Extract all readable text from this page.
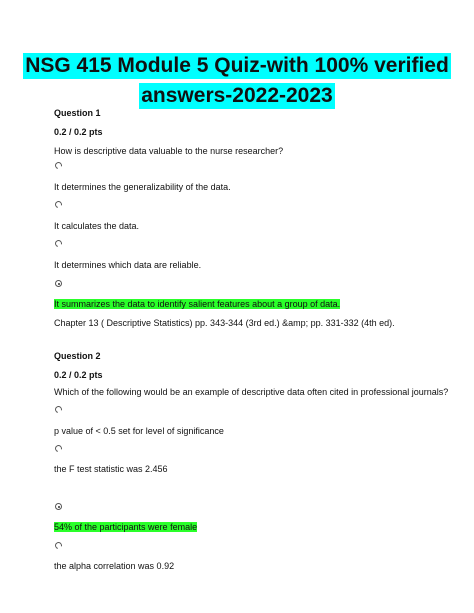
NSG 415 Module 5 Quiz-with 100% verified
answers-2022-2023
Question 1
0.2 / 0.2 pts
How is descriptive data valuable to the nurse researcher?
It determines the generalizability of the data.
It calculates the data.
It determines which data are reliable.
It summarizes the data to identify salient features about a group of data.
Chapter 13 ( Descriptive Statistics) pp. 343-344 (3rd ed.) &amp; pp. 331-332 (4th ed).
Question 2
0.2 / 0.2 pts
Which of the following would be an example of descriptive data often cited in professional journals?
p value of < 0.5 set for level of significance
the F test statistic was 2.456
54% of the participants were female
the alpha correlation was 0.92
